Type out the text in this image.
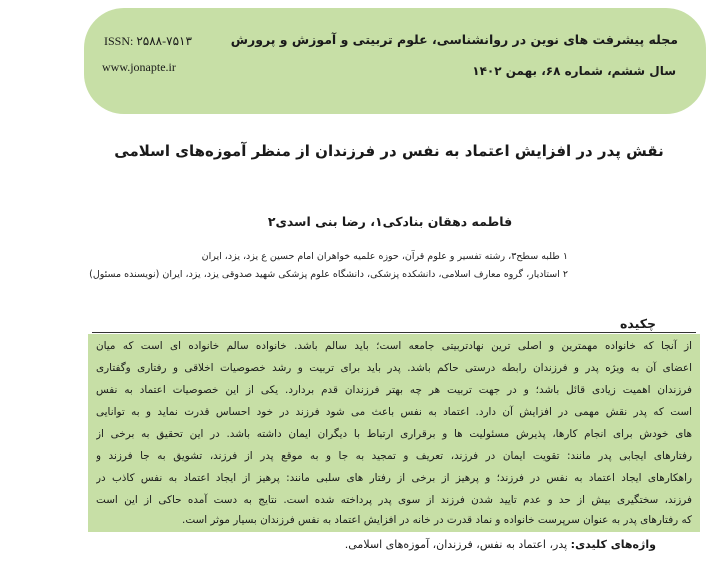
مجله پیشرفت های نوین در روانشناسی، علوم تربیتی و آموزش و پرورش
سال ششم، شماره ۶۸، بهمن ۱۴۰۲
ISSN: ۲۵۸۸-۷۵۱۳
www.jonapte.ir
نقش پدر در افزایش اعتماد به نفس در فرزندان از منظر آموزه‌های اسلامی
فاطمه دهقان بنادکی۱، رضا بنی اسدی۲
۱ طلبه سطح۳، رشته تفسیر و علوم قرآن، حوزه علمیه خواهران امام حسین ع یزد، یزد، ایران
۲ استادیار، گروه معارف اسلامی، دانشکده پزشکی، دانشگاه علوم پزشکی شهید صدوقی یزد، یزد، ایران (نویسنده مسئول)
چکیده
از آنجا که خانواده مهمترین و اصلی ترین نهادتربیتی جامعه است؛ باید سالم باشد. خانواده سالم خانواده ای است که میان
اعضای آن به ویژه پدر و فرزندان رابطه درستی حاکم باشد. پدر باید برای تربیت و رشد خصوصیات اخلاقی و رفتاری وگفتاری
فرزندان اهمیت زیادی قائل باشد؛ و در جهت تربیت هر چه بهتر فرزندان قدم بردارد. یکی از این خصوصیات اعتماد به نفس
است که پدر نقش مهمی در افزایش آن دارد. اعتماد به نفس باعث می شود فرزند در خود احساس قدرت نماید و به توانایی
های خودش برای انجام کارها، پذیرش مسئولیت ها و برقراری ارتباط با دیگران ایمان داشته باشد. در این تحقیق به برخی از
رفتارهای ایجابی پدر مانند: تقویت ایمان در فرزند، تعریف و تمجید به جا و به موقع پدر از فرزند، تشویق به جا فرزند و
راهکارهای ایجاد اعتماد به نفس در فرزند؛ و پرهیز از برخی از رفتار های سلبی مانند: پرهیز از ایجاد اعتماد به نفس کاذب در
فرزند، سختگیری بیش از حد و عدم تایید شدن فرزند از سوی پدر پرداخته شده است. نتایج به دست آمده حاکی از این است
که رفتارهای پدر به عنوان سرپرست خانواده و نماد قدرت در خانه در افزایش اعتماد به نفس فرزندان بسیار موثر است.
واژه‌های کلیدی: پدر، اعتماد به نفس، فرزندان، آموزه‌های اسلامی.
